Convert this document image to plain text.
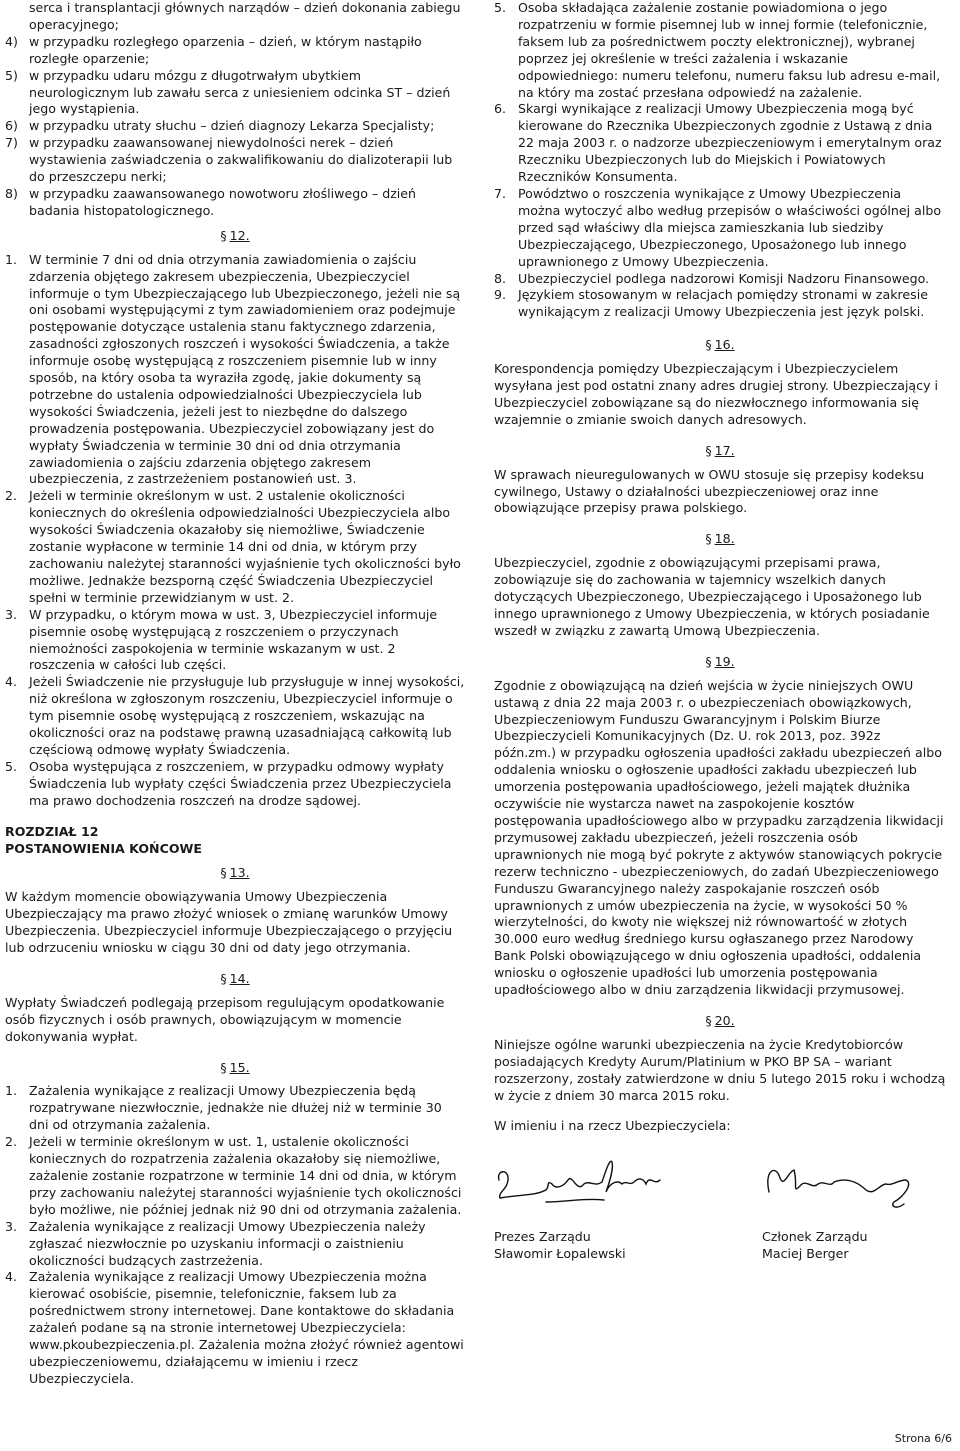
serca i transplantacji głównych narządów – dzień dokonania zabiegu operacyjnego;

4) w przypadku rozległego oparzenia – dzień, w którym nastąpiło rozległe oparzenie;
5) w przypadku udaru mózgu z długotrwałym ubytkiem neurologicznym lub zawału serca z uniesieniem odcinka ST – dzień jego wystąpienia.
6) w przypadku utraty słuchu – dzień diagnozy Lekarza Specjalisty;
7) w przypadku zaawansowanej niewydolności nerek – dzień wystawienia zaświadczenia o zakwalifikowaniu do dializoterapii lub do przeszczepu nerki;
8) w przypadku zaawansowanego nowotworu złośliwego – dzień badania histopatologicznego.
§ 12.
1. W terminie 7 dni od dnia otrzymania zawiadomienia o zajściu zdarzenia objętego zakresem ubezpieczenia, Ubezpieczyciel informuje o tym Ubezpieczającego lub Ubezpieczonego, jeżeli nie są oni osobami występującymi z tym zawiadomieniem oraz podejmuje postępowanie dotyczące ustalenia stanu faktycznego zdarzenia, zasadności zgłoszonych roszczeń i wysokości Świadczenia, a także informuje osobę występującą z roszczeniem pisemnie lub w inny sposób, na który osoba ta wyraziła zgodę, jakie dokumenty są potrzebne do ustalenia odpowiedzialności Ubezpieczyciela lub wysokości Świadczenia, jeżeli jest to niezbędne do dalszego prowadzenia postępowania. Ubezpieczyciel zobowiązany jest do wypłaty Świadczenia w terminie 30 dni od dnia otrzymania zawiadomienia o zajściu zdarzenia objętego zakresem ubezpieczenia, z zastrzeżeniem postanowień ust. 3.
2. Jeżeli w terminie określonym w ust. 2 ustalenie okoliczności koniecznych do określenia odpowiedzialności Ubezpieczyciela albo wysokości Świadczenia okazałoby się niemożliwe, Świadczenie zostanie wypłacone w terminie 14 dni od dnia, w którym przy zachowaniu należytej staranności wyjaśnienie tych okoliczności było możliwe. Jednakże bezsporną część Świadczenia Ubezpieczyciel spełni w terminie przewidzianym w ust. 2.
3. W przypadku, o którym mowa w ust. 3, Ubezpieczyciel informuje pisemnie osobę występującą z roszczeniem o przyczynach niemożności zaspokojenia w terminie wskazanym w ust. 2 roszczenia w całości lub części.
4. Jeżeli Świadczenie nie przysługuje lub przysługuje w innej wysokości, niż określona w zgłoszonym roszczeniu, Ubezpieczyciel informuje o tym pisemnie osobę występującą z roszczeniem, wskazując na okoliczności oraz na podstawę prawną uzasadniającą całkowitą lub częściową odmowę wypłaty Świadczenia.
5. Osoba występująca z roszczeniem, w przypadku odmowy wypłaty Świadczenia lub wypłaty części Świadczenia przez Ubezpieczyciela ma prawo dochodzenia roszczeń na drodze sądowej.
ROZDZIAŁ 12
POSTANOWIENIA KOŃCOWE
§ 13.

W każdym momencie obowiązywania Umowy Ubezpieczenia Ubezpieczający ma prawo złożyć wniosek o zmianę warunków Umowy Ubezpieczenia. Ubezpieczyciel informuje Ubezpieczającego o przyjęciu lub odrzuceniu wniosku w ciągu 30 dni od daty jego otrzymania.

§ 14.

Wypłaty Świadczeń podlegają przepisom regulującym opodatkowanie osób fizycznych i osób prawnych, obowiązującym w momencie dokonywania wypłat.

§ 15.
1. Zażalenia wynikające z realizacji Umowy Ubezpieczenia będą rozpatrywane niezwłocznie, jednakże nie dłużej niż w terminie 30 dni od otrzymania zażalenia.
2. Jeżeli w terminie określonym w ust. 1, ustalenie okoliczności koniecznych do rozpatrzenia zażalenia okazałoby się niemożliwe, zażalenie zostanie rozpatrzone w terminie 14 dni od dnia, w którym przy zachowaniu należytej staranności wyjaśnienie tych okoliczności było możliwe, nie później jednak niż 90 dni od otrzymania zażalenia.
3. Zażalenia wynikające z realizacji Umowy Ubezpieczenia należy zgłaszać niezwłocznie po uzyskaniu informacji o zaistnieniu okoliczności budzących zastrzeżenia.
4. Zażalenia wynikające z realizacji Umowy Ubezpieczenia można kierować osobiście, pisemnie, telefonicznie, faksem lub za pośrednictwem strony internetowej. Dane kontaktowe do składania zażaleń podane są na stronie internetowej Ubezpieczyciela: www.pkoubezpieczenia.pl. Zażalenia można złożyć również agentowi ubezpieczeniowemu, działającemu w imieniu i rzecz Ubezpieczyciela.
5. Osoba składająca zażalenie zostanie powiadomiona o jego rozpatrzeniu w formie pisemnej lub w innej formie (telefonicznie, faksem lub za pośrednictwem poczty elektronicznej), wybranej poprzez jej określenie w treści zażalenia i wskazanie odpowiedniego: numeru telefonu, numeru faksu lub adresu e-mail, na który ma zostać przesłana odpowiedź na zażalenie.
6. Skargi wynikające z realizacji Umowy Ubezpieczenia mogą być kierowane do Rzecznika Ubezpieczonych zgodnie z Ustawą z dnia 22 maja 2003 r. o nadzorze ubezpieczeniowym i emerytalnym oraz Rzeczniku Ubezpieczonych lub do Miejskich i Powiatowych Rzeczników Konsumenta.
7. Powództwo o roszczenia wynikające z Umowy Ubezpieczenia można wytoczyć albo według przepisów o właściwości ogólnej albo przed sąd właściwy dla miejsca zamieszkania lub siedziby Ubezpieczającego, Ubezpieczonego, Uposażonego lub innego uprawnionego z Umowy Ubezpieczenia.
8. Ubezpieczyciel podlega nadzorowi Komisji Nadzoru Finansowego.
9. Językiem stosowanym w relacjach pomiędzy stronami w zakresie wynikającym z realizacji Umowy Ubezpieczenia jest język polski.
§ 16.

Korespondencja pomiędzy Ubezpieczającym i Ubezpieczycielem wysyłana jest pod ostatni znany adres drugiej strony. Ubezpieczający i Ubezpieczyciel zobowiązane są do niezwłocznego informowania się wzajemnie o zmianie swoich danych adresowych.

§ 17.

W sprawach nieuregulowanych w OWU stosuje się przepisy kodeksu cywilnego, Ustawy o działalności ubezpieczeniowej oraz inne obowiązujące przepisy prawa polskiego.

§ 18.

Ubezpieczyciel, zgodnie z obowiązującymi przepisami prawa, zobowiązuje się do zachowania w tajemnicy wszelkich danych dotyczących Ubezpieczonego, Ubezpieczającego i Uposażonego lub innego uprawnionego z Umowy Ubezpieczenia, w których posiadanie wszedł w związku z zawartą Umową Ubezpieczenia.

§ 19.

Zgodnie z obowiązującą na dzień wejścia w życie niniejszych OWU ustawą z dnia 22 maja 2003 r. o ubezpieczeniach obowiązkowych, Ubezpieczeniowym Funduszu Gwarancyjnym i Polskim Biurze Ubezpieczycieli Komunikacyjnych (Dz. U. rok 2013, poz. 392z późn.zm.) w przypadku ogłoszenia upadłości zakładu ubezpieczeń albo oddalenia wniosku o ogłoszenie upadłości zakładu ubezpieczeń lub umorzenia postępowania upadłościowego, jeżeli majątek dłużnika oczywiście nie wystarcza nawet na zaspokojenie kosztów postępowania upadłościowego albo w przypadku zarządzenia likwidacji przymusowej zakładu ubezpieczeń, jeżeli roszczenia osób uprawnionych nie mogą być pokryte z aktywów stanowiących pokrycie rezerw techniczno - ubezpieczeniowych, do zadań Ubezpieczeniowego Funduszu Gwarancyjnego należy zaspokajanie roszczeń osób uprawnionych z umów ubezpieczenia na życie, w wysokości 50 % wierzytelności, do kwoty nie większej niż równowartość w złotych 30.000 euro według średniego kursu ogłaszanego przez Narodowy Bank Polski obowiązującego w dniu ogłoszenia upadłości, oddalenia wniosku o ogłoszenie upadłości lub umorzenia postępowania upadłościowego albo w dniu zarządzenia likwidacji przymusowej.

§ 20.

Niniejsze ogólne warunki ubezpieczenia na życie Kredytobiorców posiadających Kredyty Aurum/Platinium w PKO BP SA – wariant rozszerzony, zostały zatwierdzone w dniu 5 lutego 2015 roku i wchodzą w życie z dniem 30 marca 2015 roku.

W imieniu i na rzecz Ubezpieczyciela:

Prezes Zarządu
Sławomir Łopalewski
Członek Zarządu
Maciej Berger
Strona 6/6
